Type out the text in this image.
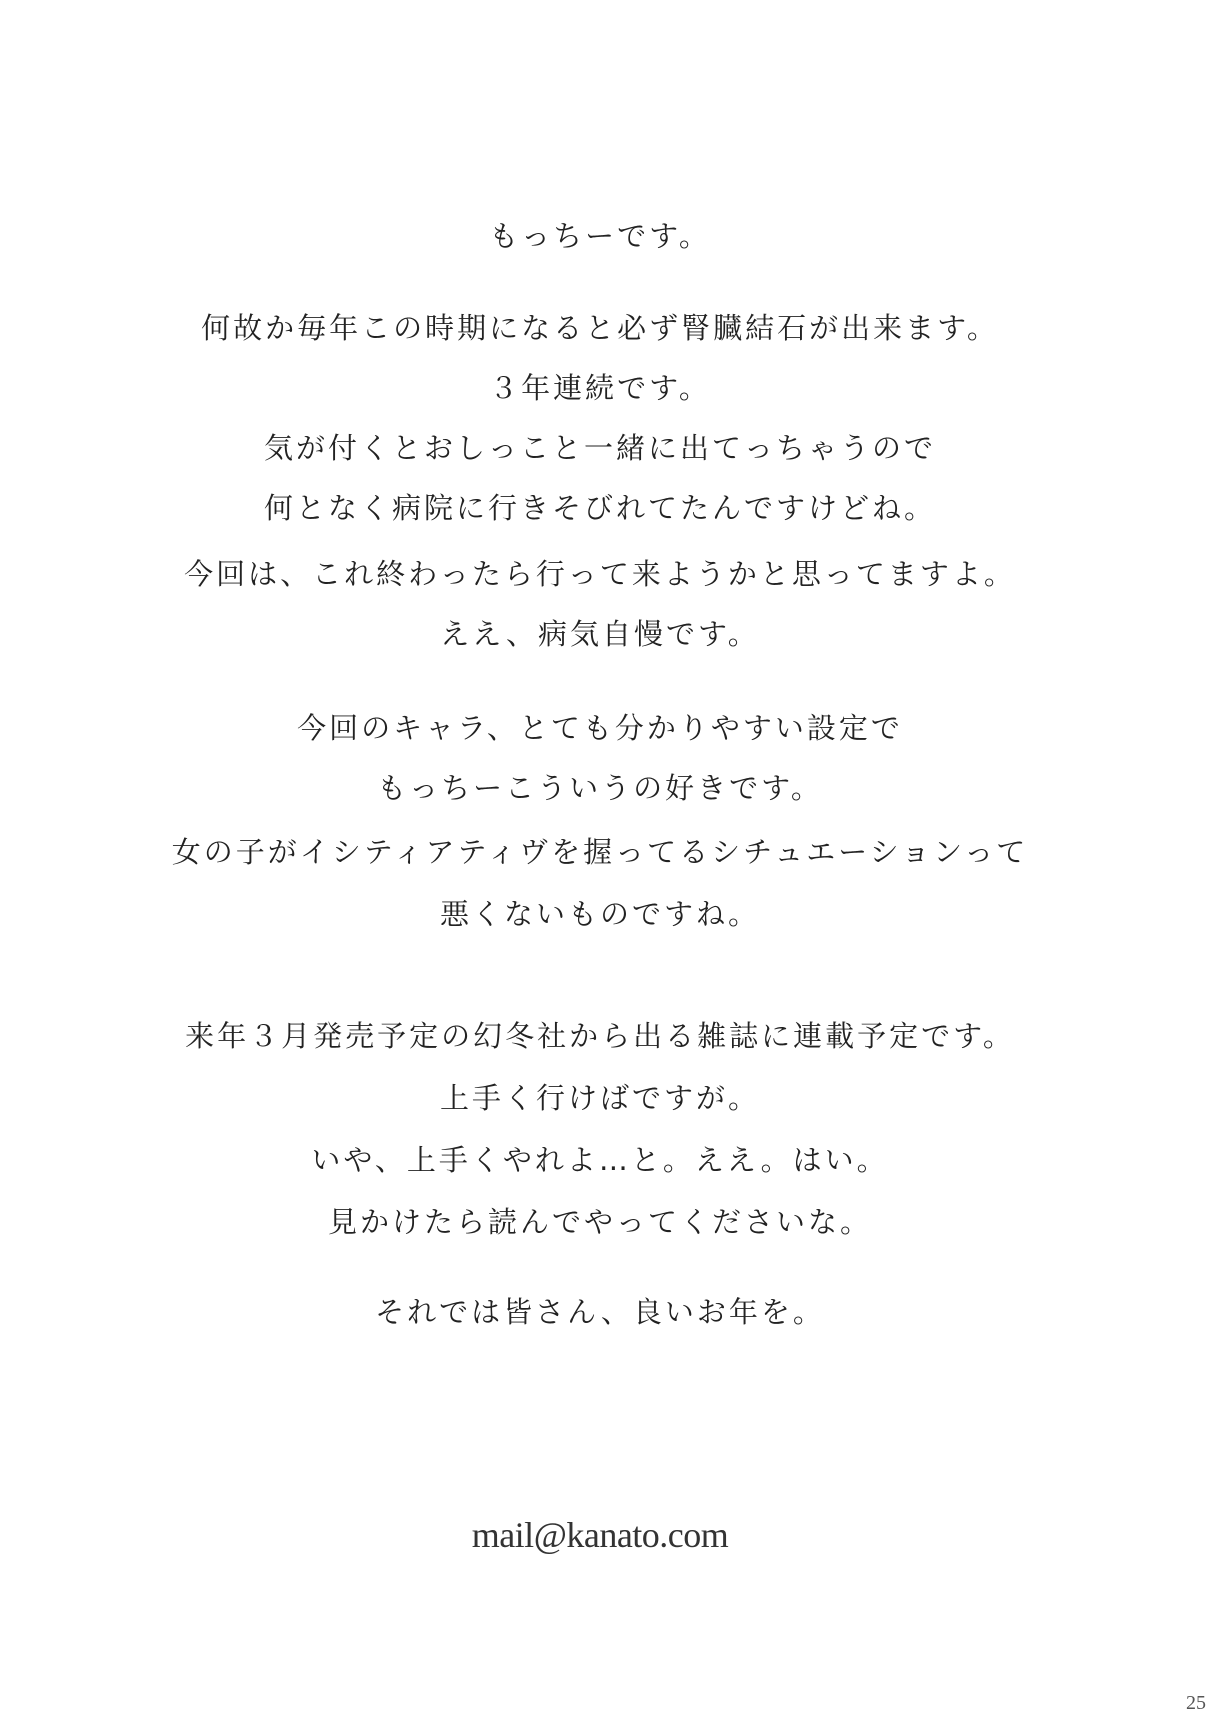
もっちーです。
何故か毎年この時期になると必ず腎臓結石が出来ます。
３年連続です。
気が付くとおしっこと一緒に出てっちゃうので
何となく病院に行きそびれてたんですけどね。
今回は、これ終わったら行って来ようかと思ってますよ。
ええ、病気自慢です。
今回のキャラ、とても分かりやすい設定で
もっちーこういうの好きです。
女の子がイシティアティヴを握ってるシチュエーションって
悪くないものですね。
来年３月発売予定の幻冬社から出る雑誌に連載予定です。
上手く行けばですが。
いや、上手くやれよ…と。ええ。はい。
見かけたら読んでやってくださいな。
それでは皆さん、良いお年を。
mail@kanato.com
25
